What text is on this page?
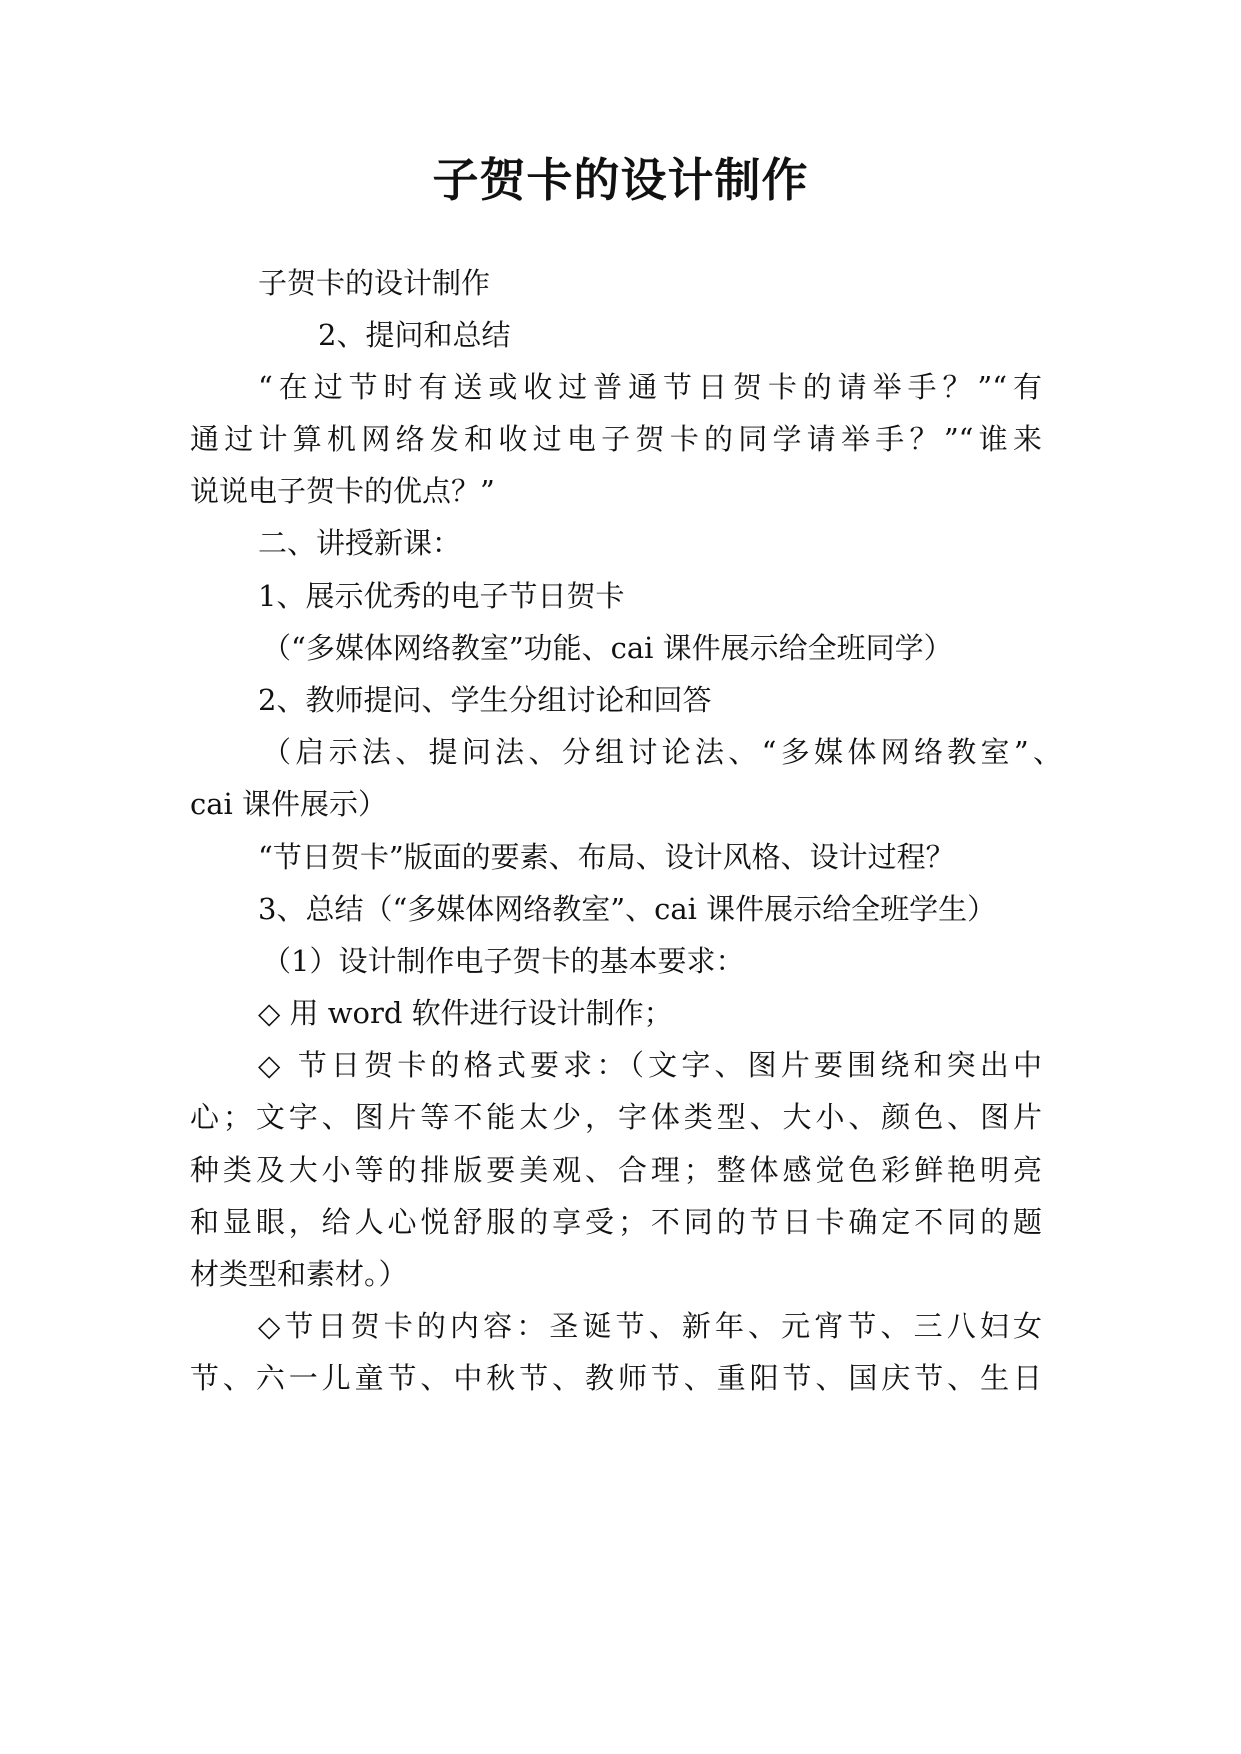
子贺卡的设计制作
子贺卡的设计制作
2、提问和总结
“在过节时有送或收过普通节日贺卡的请举手？”“有
通过计算机网络发和收过电子贺卡的同学请举手？”“谁来
说说电子贺卡的优点？”
二、讲授新课：
1、展示优秀的电子节日贺卡
（“多媒体网络教室”功能、cai 课件展示给全班同学）
2、教师提问、学生分组讨论和回答
（启示法、提问法、分组讨论法、“多媒体网络教室”、
cai 课件展示）
“节日贺卡”版面的要素、布局、设计风格、设计过程？
3、总结（“多媒体网络教室”、cai 课件展示给全班学生）
（1）设计制作电子贺卡的基本要求：
◇ 用 word 软件进行设计制作；
◇ 节日贺卡的格式要求：（文字、图片要围绕和突出中
心；文字、图片等不能太少，字体类型、大小、颜色、图片
种类及大小等的排版要美观、合理；整体感觉色彩鲜艳明亮
和显眼，给人心悦舒服的享受；不同的节日卡确定不同的题
材类型和素材。）
◇节日贺卡的内容：圣诞节、新年、元宵节、三八妇女
节、六一儿童节、中秋节、教师节、重阳节、国庆节、生日
